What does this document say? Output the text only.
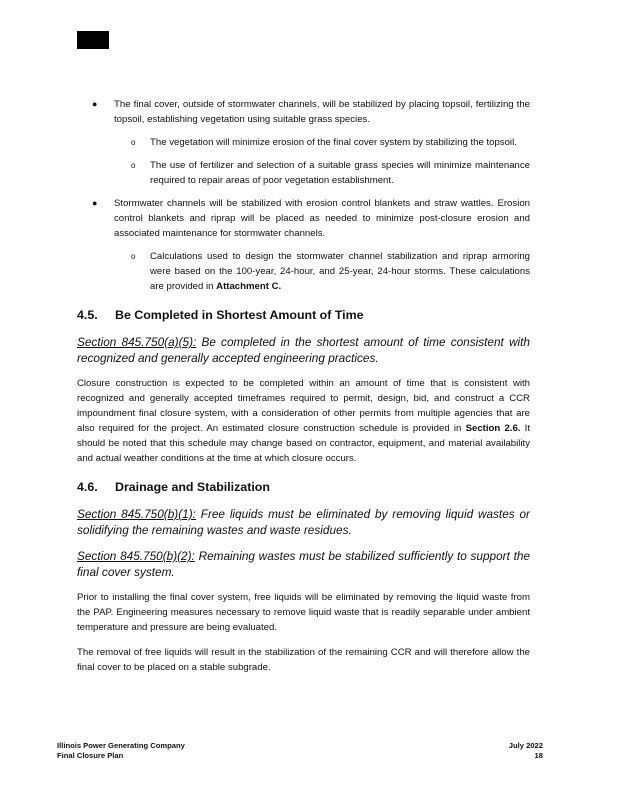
● The final cover, outside of stormwater channels, will be stabilized by placing topsoil, fertilizing the topsoil, establishing vegetation using suitable grass species.
o The vegetation will minimize erosion of the final cover system by stabilizing the topsoil.
o The use of fertilizer and selection of a suitable grass species will minimize maintenance required to repair areas of poor vegetation establishment.
● Stormwater channels will be stabilized with erosion control blankets and straw wattles. Erosion control blankets and riprap will be placed as needed to minimize post-closure erosion and associated maintenance for stormwater channels.
o Calculations used to design the stormwater channel stabilization and riprap armoring were based on the 100-year, 24-hour, and 25-year, 24-hour storms. These calculations are provided in Attachment C.
4.5.	Be Completed in Shortest Amount of Time

Section 845.750(a)(5): Be completed in the shortest amount of time consistent with recognized and generally accepted engineering practices.

Closure construction is expected to be completed within an amount of time that is consistent with recognized and generally accepted timeframes required to permit, design, bid, and construct a CCR impoundment final closure system, with a consideration of other permits from multiple agencies that are also required for the project. An estimated closure construction schedule is provided in Section 2.6. It should be noted that this schedule may change based on contractor, equipment, and material availability and actual weather conditions at the time at which closure occurs.

4.6.	Drainage and Stabilization

Section 845.750(b)(1): Free liquids must be eliminated by removing liquid wastes or solidifying the remaining wastes and waste residues.

Section 845.750(b)(2): Remaining wastes must be stabilized sufficiently to support the final cover system.

Prior to installing the final cover system, free liquids will be eliminated by removing the liquid waste from the PAP. Engineering measures necessary to remove liquid waste that is readily separable under ambient temperature and pressure are being evaluated.

The removal of free liquids will result in the stabilization of the remaining CCR and will therefore allow the final cover to be placed on a stable subgrade.

Illinois Power Generating Company	July 2022
Final Closure Plan	18
